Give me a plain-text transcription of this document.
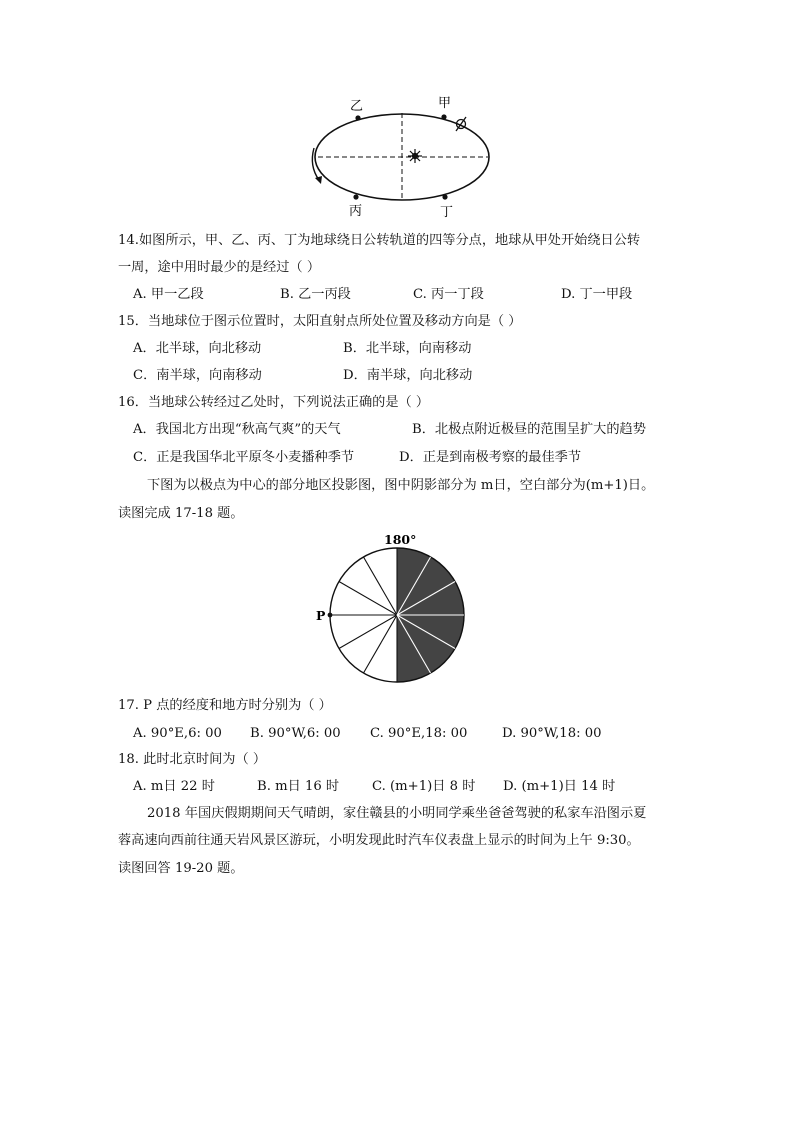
乙	甲
丙	丁
14.如图所示，甲、乙、丙、丁为地球绕日公转轨道的四等分点，地球从甲处开始绕日公转
一周，途中用时最少的是经过（ ）
A. 甲一乙段	B. 乙一丙段	C. 丙一丁段	D. 丁一甲段
15．当地球位于图示位置时，太阳直射点所处位置及移动方向是（ ）
A．北半球，向北移动	B．北半球，向南移动
C．南半球，向南移动	D．南半球，向北移动
16．当地球公转经过乙处时，下列说法正确的是（ ）
A．我国北方出现“秋高气爽”的天气	B．北极点附近极昼的范围呈扩大的趋势
C．正是我国华北平原冬小麦播种季节	D．正是到南极考察的最佳季节
下图为以极点为中心的部分地区投影图，图中阴影部分为 m日，空白部分为(m+1)日。
读图完成 17-18 题。
180°
P
17. P 点的经度和地方时分别为（ ）
A. 90°E,6: 00 B. 90°W,6: 00 C. 90°E,18: 00	D. 90°W,18: 00
18. 此时北京时间为（ ）
A. m日 22 时	B. m日 16 时 C. (m+1)日 8 时 D. (m+1)日 14 时
2018 年国庆假期期间天气晴朗，家住赣县的小明同学乘坐爸爸驾驶的私家车沿图示夏
蓉高速向西前往通天岩风景区游玩，小明发现此时汽车仪表盘上显示的时间为上午 9:30。
读图回答 19-20 题。
